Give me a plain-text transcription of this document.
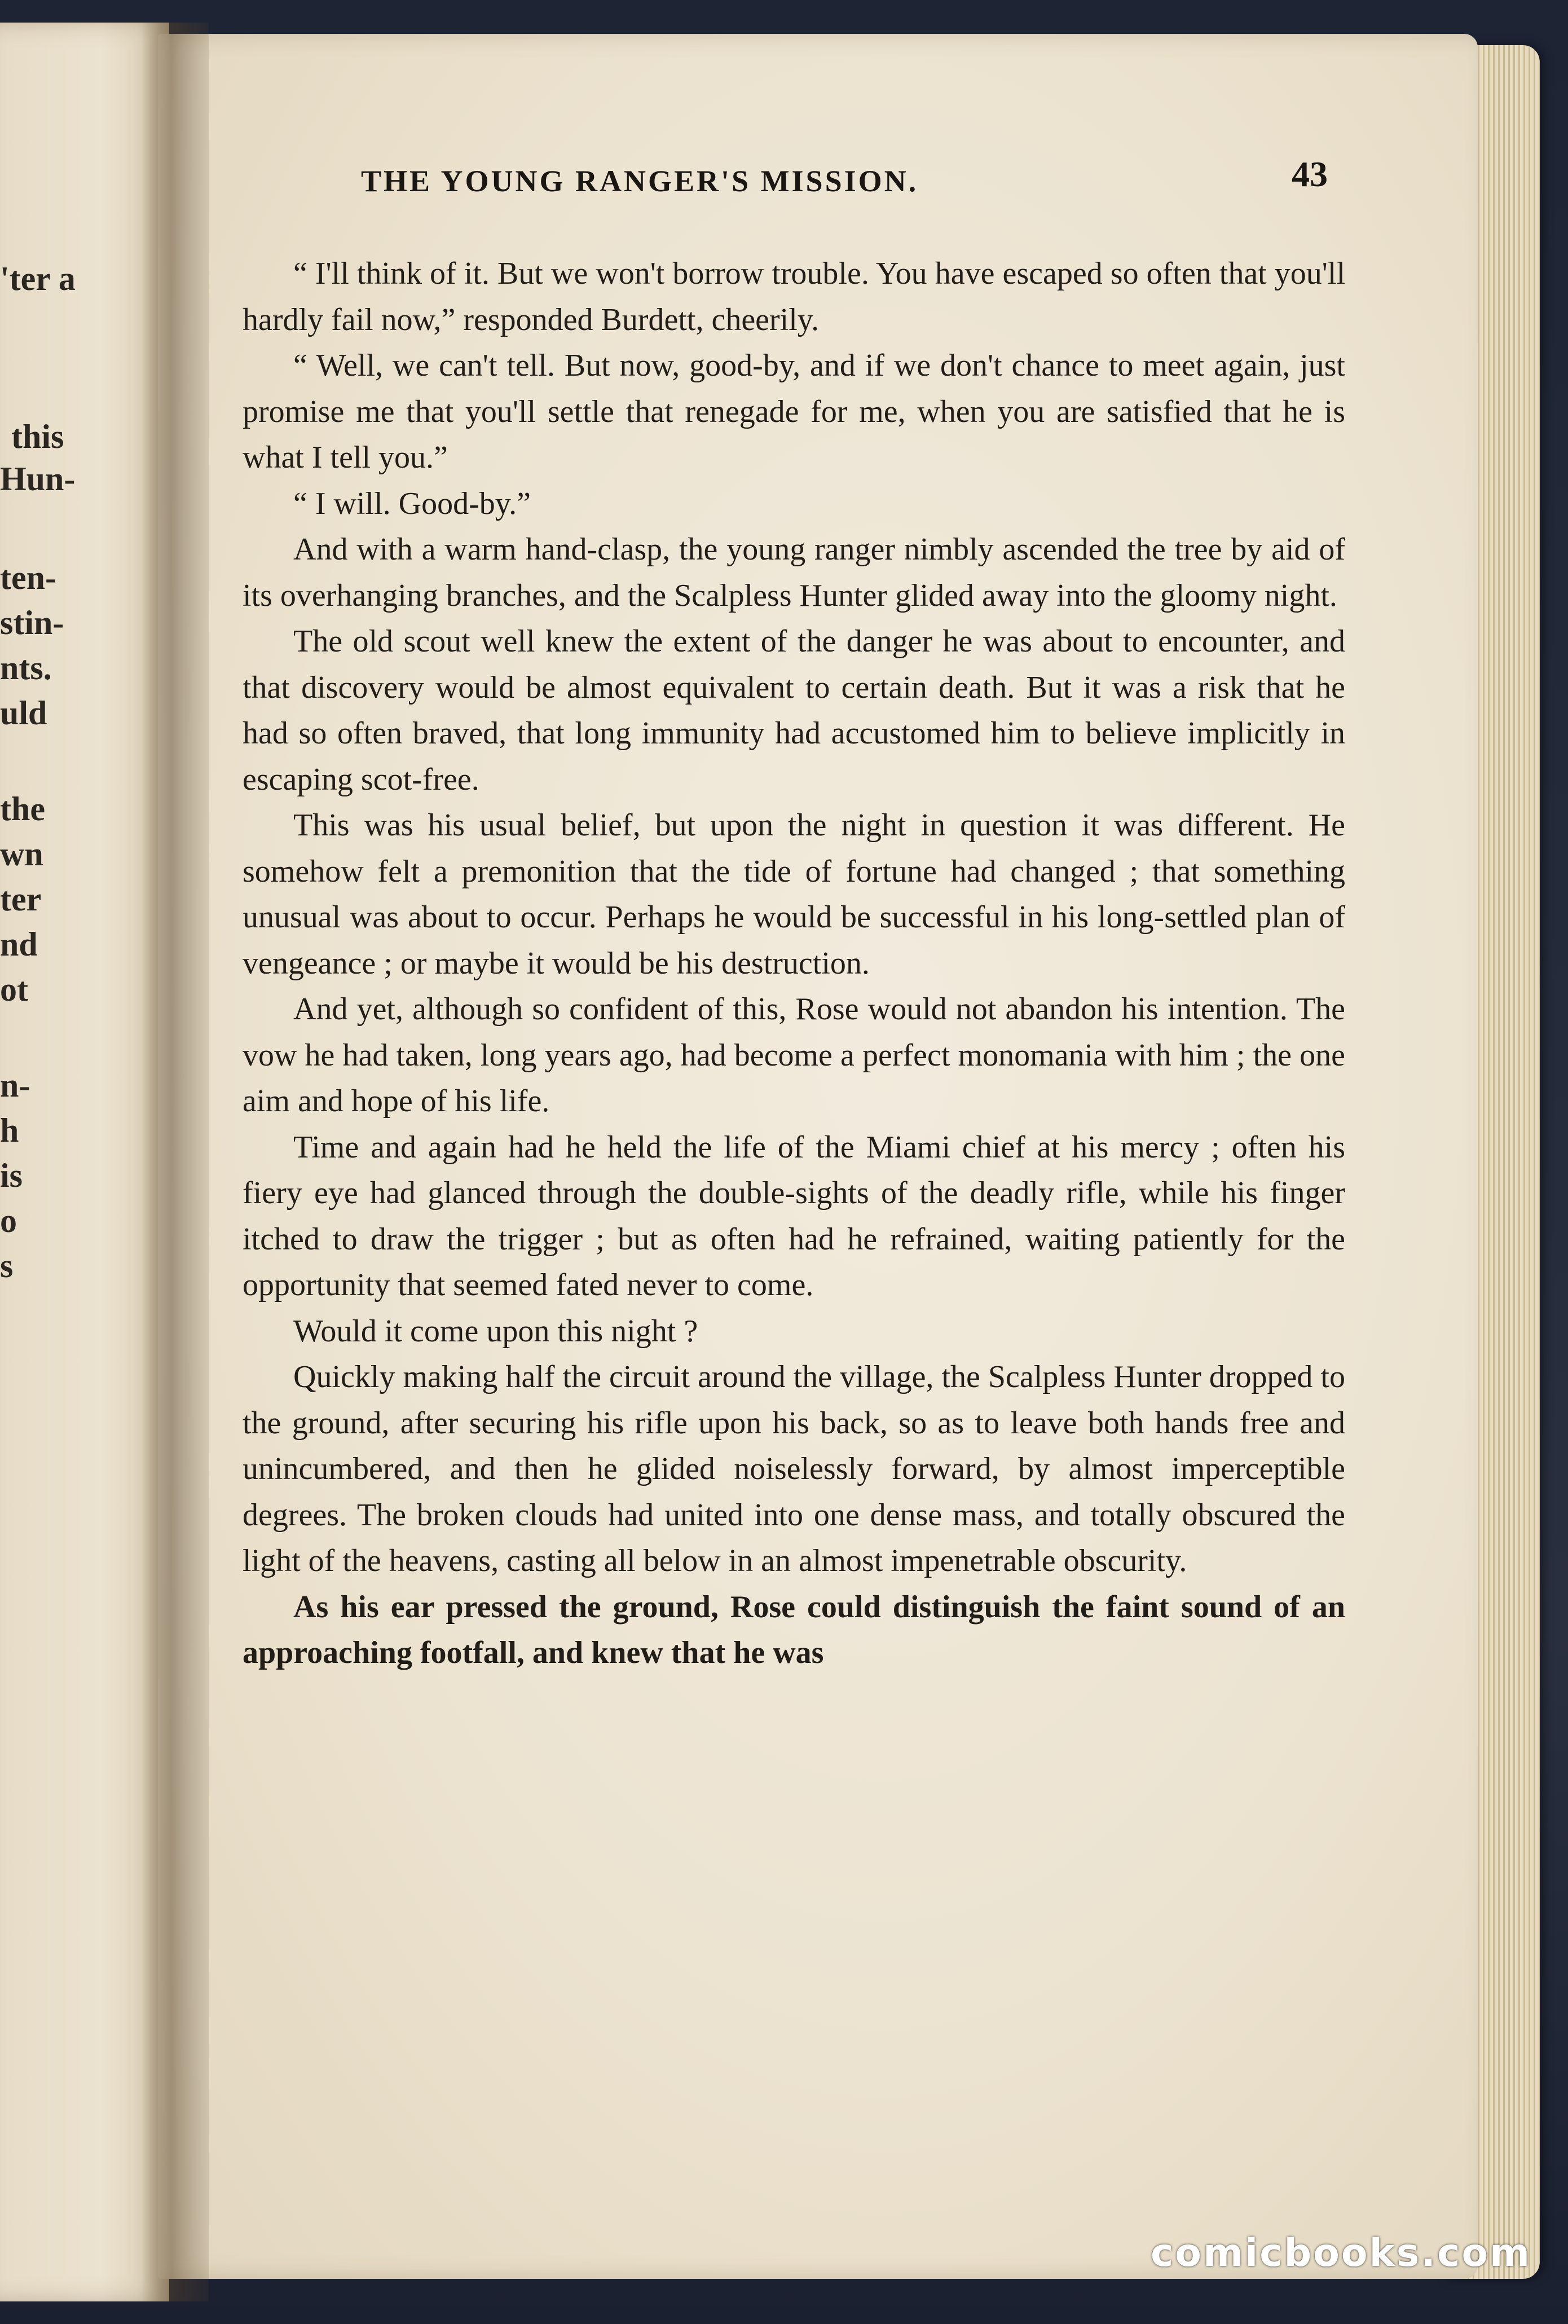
'ter a
this
Hun-
ten-
stin-
nts.
uld
the
wn
ter
nd
ot
n-
h
is
o
s
THE YOUNG RANGER'S MISSION.	43

“ I'll think of it. But we won't borrow trouble. You have escaped so often that you'll hardly fail now,” responded Burdett, cheerily.

“ Well, we can't tell. But now, good-by, and if we don't chance to meet again, just promise me that you'll settle that renegade for me, when you are satisfied that he is what I tell you.”

“ I will. Good-by.”

And with a warm hand-clasp, the young ranger nimbly ascended the tree by aid of its overhanging branches, and the Scalpless Hunter glided away into the gloomy night.

The old scout well knew the extent of the danger he was about to encounter, and that discovery would be almost equivalent to certain death. But it was a risk that he had so often braved, that long immunity had accustomed him to believe implicitly in escaping scot-free.

This was his usual belief, but upon the night in question it was different. He somehow felt a premonition that the tide of fortune had changed ; that something unusual was about to occur. Perhaps he would be successful in his long-settled plan of vengeance ; or maybe it would be his destruction.

And yet, although so confident of this, Rose would not abandon his intention. The vow he had taken, long years ago, had become a perfect monomania with him ; the one aim and hope of his life.

Time and again had he held the life of the Miami chief at his mercy ; often his fiery eye had glanced through the double-sights of the deadly rifle, while his finger itched to draw the trigger ; but as often had he refrained, waiting patiently for the opportunity that seemed fated never to come.

Would it come upon this night ?

Quickly making half the circuit around the village, the Scalpless Hunter dropped to the ground, after securing his rifle upon his back, so as to leave both hands free and unincumbered, and then he glided noiselessly forward, by almost imperceptible degrees. The broken clouds had united into one dense mass, and totally obscured the light of the heavens, casting all below in an almost impenetrable obscurity.

As his ear pressed the ground, Rose could distinguish the faint sound of an approaching footfall, and knew that he was

comicbooks.com
